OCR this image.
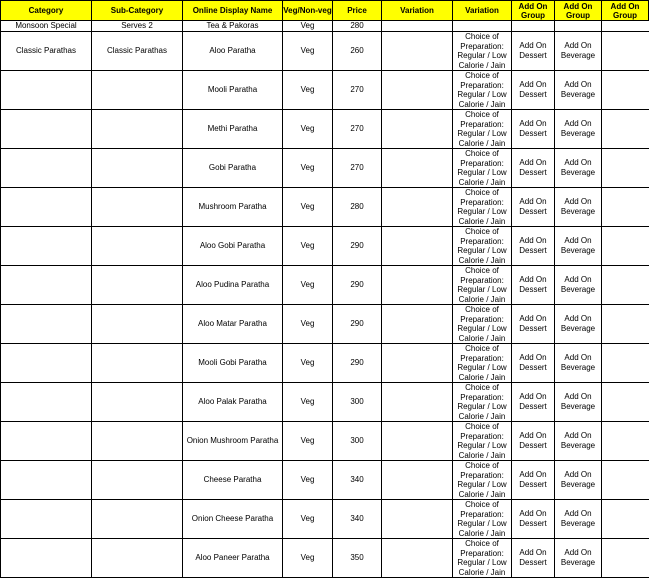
Category	Sub-Category	Online Display Name	Veg/Non-veg	Price	Variation	Variation	Add On Group	Add On Group	Add On Group
Monsoon Special	Serves 2	Tea & Pakoras	Veg	280					
Classic Parathas	Classic Parathas	Aloo Paratha	Veg	260		Choice of Preparation: Regular / Low Calorie / Jain	Add On Dessert	Add On Beverage	
		Mooli Paratha	Veg	270		Choice of Preparation: Regular / Low Calorie / Jain	Add On Dessert	Add On Beverage	
		Methi Paratha	Veg	270		Choice of Preparation: Regular / Low Calorie / Jain	Add On Dessert	Add On Beverage	
		Gobi Paratha	Veg	270		Choice of Preparation: Regular / Low Calorie / Jain	Add On Dessert	Add On Beverage	
		Mushroom Paratha	Veg	280		Choice of Preparation: Regular / Low Calorie / Jain	Add On Dessert	Add On Beverage	
		Aloo Gobi Paratha	Veg	290		Choice of Preparation: Regular / Low Calorie / Jain	Add On Dessert	Add On Beverage	
		Aloo Pudina Paratha	Veg	290		Choice of Preparation: Regular / Low Calorie / Jain	Add On Dessert	Add On Beverage	
		Aloo Matar Paratha	Veg	290		Choice of Preparation: Regular / Low Calorie / Jain	Add On Dessert	Add On Beverage	
		Mooli Gobi Paratha	Veg	290		Choice of Preparation: Regular / Low Calorie / Jain	Add On Dessert	Add On Beverage	
		Aloo Palak Paratha	Veg	300		Choice of Preparation: Regular / Low Calorie / Jain	Add On Dessert	Add On Beverage	
		Onion Mushroom Paratha	Veg	300		Choice of Preparation: Regular / Low Calorie / Jain	Add On Dessert	Add On Beverage	
		Cheese Paratha	Veg	340		Choice of Preparation: Regular / Low Calorie / Jain	Add On Dessert	Add On Beverage	
		Onion Cheese Paratha	Veg	340		Choice of Preparation: Regular / Low Calorie / Jain	Add On Dessert	Add On Beverage	
		Aloo Paneer Paratha	Veg	350		Choice of Preparation: Regular / Low Calorie / Jain	Add On Dessert	Add On Beverage	
